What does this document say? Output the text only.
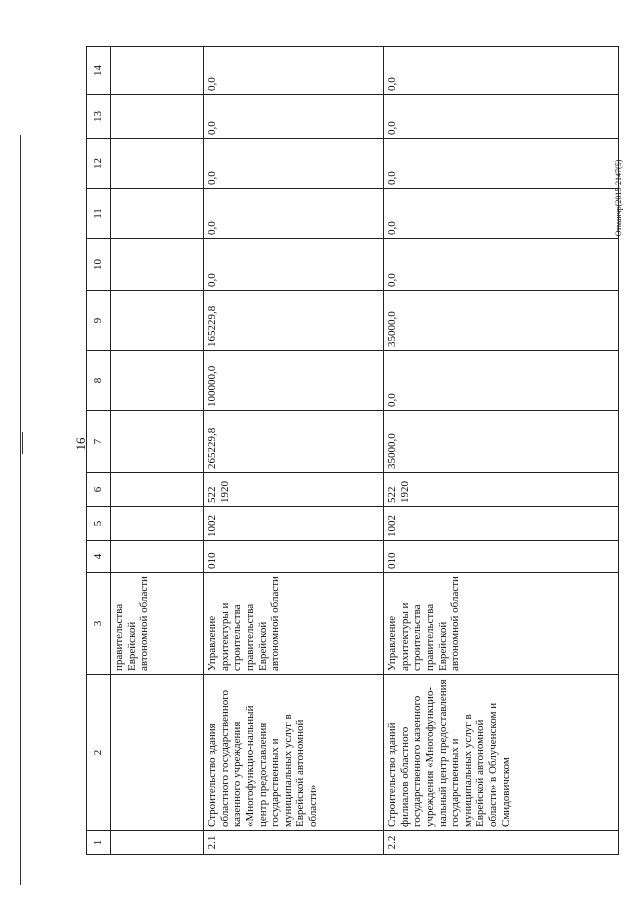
16
Отманчр(2015-2147(5)
1	2	3	4	5	6	7	8	9	10	11	12	13	14
		правительства Еврейской автономной области											
2.1	Строительство здания областного государственного казенного учреждения «Многофункцио-нальный центр предоставления государственных и муниципальных услуг в Еврейской автономной области»	Управление архитектуры и строительства правительства Еврейской автономной области	010	1002	522 1920	265229,8	100000,0	165229,8	0,0	0,0	0,0	0,0	0,0
2.2	Строительство зданий филиалов областного государственного казенного учреждения «Многофункцио-нальный центр предоставления государственных и муниципальных услуг в Еврейской автономной области» в Облученском и Смидовичском	Управление архитектуры и строительства правительства Еврейской автономной области	010	1002	522 1920	35000,0	0,0	35000,0	0,0	0,0	0,0	0,0	0,0
